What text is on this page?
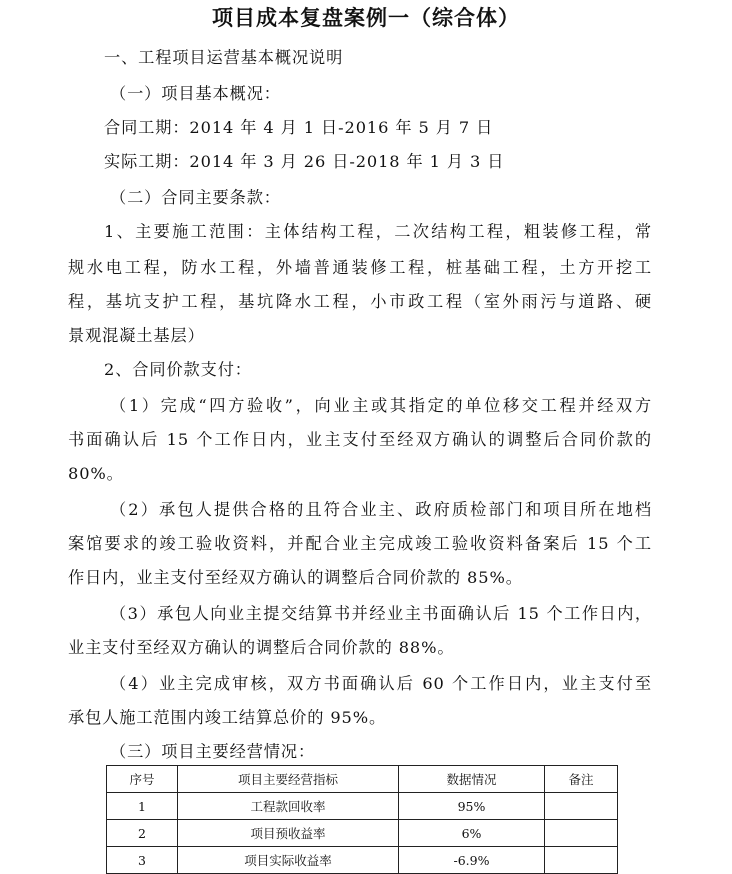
项目成本复盘案例一（综合体）
一、工程项目运营基本概况说明
（一）项目基本概况：
合同工期：2014 年 4 月 1 日-2016 年 5 月 7 日
实际工期：2014 年 3 月 26 日-2018 年 1 月 3 日
（二）合同主要条款：
1、主要施工范围：主体结构工程，二次结构工程，粗装修工程，常
规水电工程，防水工程，外墙普通装修工程，桩基础工程，土方开挖工
程，基坑支护工程，基坑降水工程，小市政工程（室外雨污与道路、硬
景观混凝土基层）
2、合同价款支付：
（1）完成“四方验收”，向业主或其指定的单位移交工程并经双方
书面确认后 15 个工作日内，业主支付至经双方确认的调整后合同价款的
80%。
（2）承包人提供合格的且符合业主、政府质检部门和项目所在地档
案馆要求的竣工验收资料，并配合业主完成竣工验收资料备案后 15 个工
作日内，业主支付至经双方确认的调整后合同价款的 85%。
（3）承包人向业主提交结算书并经业主书面确认后 15 个工作日内，
业主支付至经双方确认的调整后合同价款的 88%。
（4）业主完成审核，双方书面确认后 60 个工作日内，业主支付至
承包人施工范围内竣工结算总价的 95%。
（三）项目主要经营情况：
序号	项目主要经营指标	数据情况	备注
1	工程款回收率	95%	
2	项目预收益率	6%	
3	项目实际收益率	-6.9%	
